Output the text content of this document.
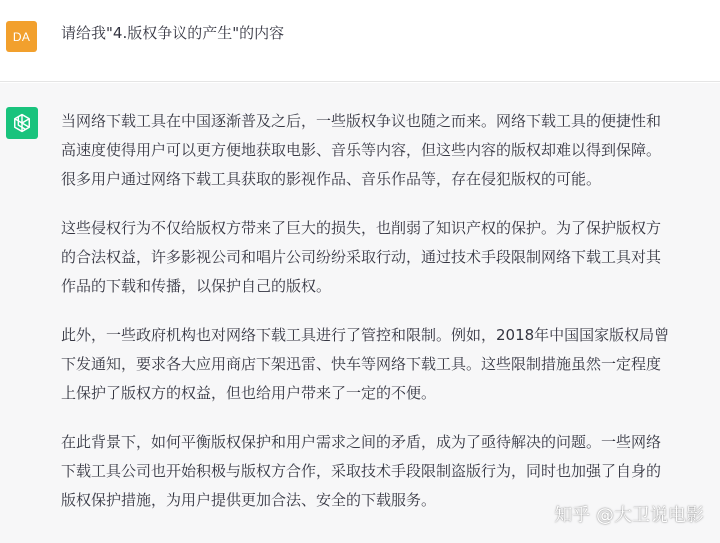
DA	请给我"4.版权争议的产生"的内容

当网络下载工具在中国逐渐普及之后，一些版权争议也随之而来。网络下载工具的便捷性和
高速度使得用户可以更方便地获取电影、音乐等内容，但这些内容的版权却难以得到保障。
很多用户通过网络下载工具获取的影视作品、音乐作品等，存在侵犯版权的可能。

这些侵权行为不仅给版权方带来了巨大的损失，也削弱了知识产权的保护。为了保护版权方
的合法权益，许多影视公司和唱片公司纷纷采取行动，通过技术手段限制网络下载工具对其
作品的下载和传播，以保护自己的版权。

此外，一些政府机构也对网络下载工具进行了管控和限制。例如，2018年中国国家版权局曾
下发通知，要求各大应用商店下架迅雷、快车等网络下载工具。这些限制措施虽然一定程度
上保护了版权方的权益，但也给用户带来了一定的不便。

在此背景下，如何平衡版权保护和用户需求之间的矛盾，成为了亟待解决的问题。一些网络
下载工具公司也开始积极与版权方合作，采取技术手段限制盗版行为，同时也加强了自身的
版权保护措施，为用户提供更加合法、安全的下载服务。

知乎 @大卫说电影
